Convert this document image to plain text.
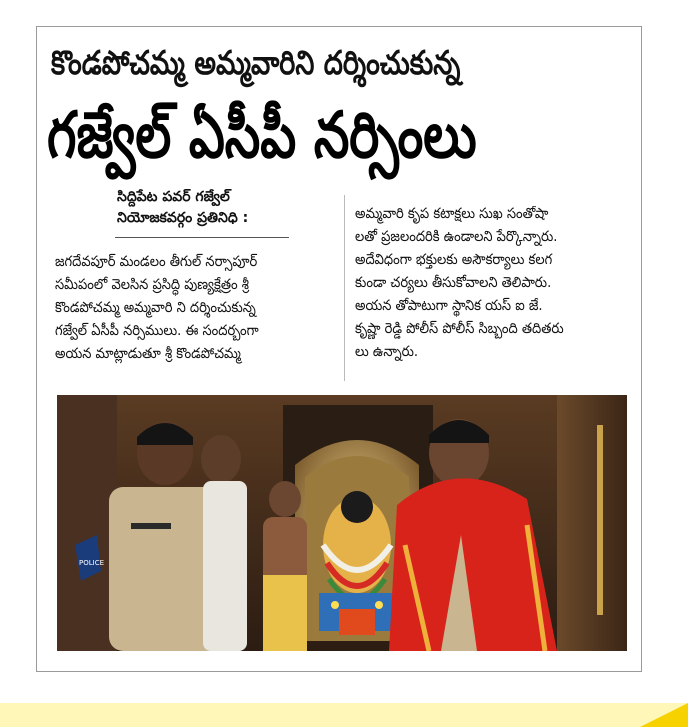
కొండపోచమ్మ అమ్మవారిని దర్శించుకున్న
గజ్వేల్ ఏసీపీ నర్సింలు
సిద్దిపేట పవర్ గజ్వేల్
నియోజకవర్గం ప్రతినిధి :
జగదేవపూర్ మండలం తీగుల్ నర్సాపూర్
సమీపంలో వెలసిన ప్రసిద్ధి పుణ్యక్షేత్రం శ్రీ
కొండపోచమ్మ అమ్మవారి ని దర్శించుకున్న
గజ్వేల్ ఏసీపీ నర్సిములు. ఈ సందర్బంగా
అయన మాట్లాడుతూ శ్రీ కొండపోచమ్మ
అమ్మవారి కృప కటాక్షలు సుఖ సంతోషా
లతో ప్రజలందరికి ఉండాలని పేర్కొన్నారు.
అదేవిధంగా భక్తులకు అసౌకర్యాలు కలగ
కుండా చర్యలు తీసుకోవాలని తెలిపారు.
అయన తోపాటుగా స్థానిక యస్ ఐ జే.
కృష్ణా రెడ్డి పోలీస్ పోలీస్ సిబ్బంది తదితరు
లు ఉన్నారు.
POLICE
